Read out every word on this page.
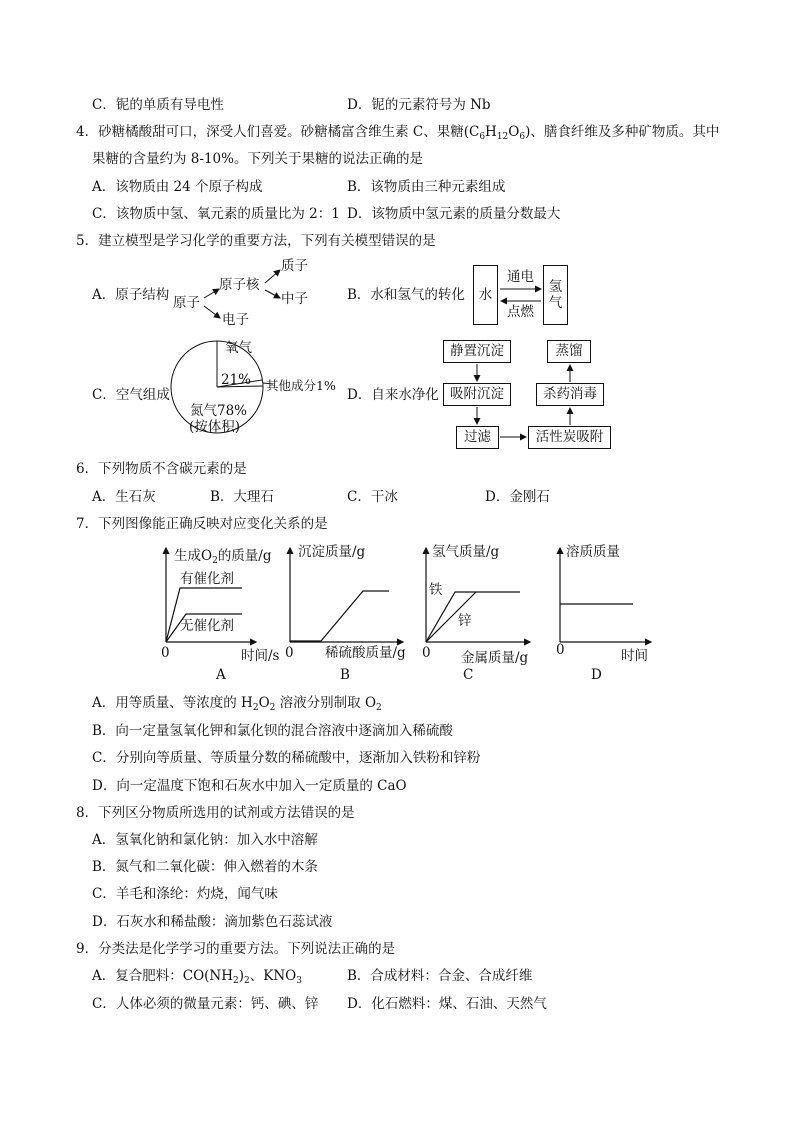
C．铌的单质有导电性	D．铌的元素符号为 Nb
4．砂糖橘酸甜可口，深受人们喜爱。砂糖橘富含维生素 C、果糖$(C_6H_{12}O_6)$、膳食纤维及多种矿物质。其中
果糖的含量约为 8-10%。下列关于果糖的说法正确的是
A．该物质由 24 个原子构成	B．该物质由三种元素组成
C．该物质中氢、氧元素的质量比为 2：1 D．该物质中氢元素的质量分数最大
5．建立模型是学习化学的重要方法，下列有关模型错误的是
A．原子结构 原子
原子核
电子
质子
中子	B．水和氢气的转化	水	氢气
通电
点燃
C．空气组成
氧气
21% 其他成分1%
氮气78%
(按体积)
D．自来水净化
静置沉淀
吸附沉淀
过滤	活性炭吸附
杀药消毒
蒸馏
6．下列物质不含碳元素的是
A．生石灰	B．大理石	C．干冰	D．金刚石
7．下列图像能正确反映对应变化关系的是
生成$O_2$的质量/g
有催化剂
无催化剂
0	时间/s
A
沉淀质量/g
0 稀硫酸质量/g
B
氢气质量/g
铁
锌
0 金属质量/g
C
溶质质量
0	时间
D
A．用等质量、等浓度的 $H_2O_2$ 溶液分别制取 $O_2$
B．向一定量氢氧化钾和氯化钡的混合溶液中逐滴加入稀硫酸
C．分别向等质量、等质量分数的稀硫酸中，逐渐加入铁粉和锌粉
D．向一定温度下饱和石灰水中加入一定质量的 CaO
8．下列区分物质所选用的试剂或方法错误的是
A．氢氧化钠和氯化钠：加入水中溶解
B．氮气和二氧化碳：伸入燃着的木条
C．羊毛和涤纶：灼烧，闻气味
D．石灰水和稀盐酸：滴加紫色石蕊试液
9．分类法是化学学习的重要方法。下列说法正确的是
A．复合肥料：$CO(NH_2)_2$、$KNO_3$	B．合成材料：合金、合成纤维
C．人体必须的微量元素：钙、碘、锌 D．化石燃料：煤、石油、天然气
